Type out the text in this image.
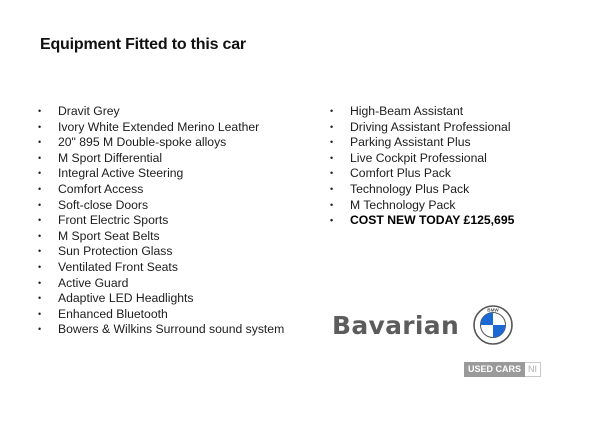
Equipment Fitted to this car
• Dravit Grey
• Ivory White Extended Merino Leather
• 20" 895 M Double-spoke alloys
• M Sport Differential
• Integral Active Steering
• Comfort Access
• Soft-close Doors
• Front Electric Sports
• M Sport Seat Belts
• Sun Protection Glass
• Ventilated Front Seats
• Active Guard
• Adaptive LED Headlights
• Enhanced Bluetooth
• Bowers & Wilkins Surround sound system
• High-Beam Assistant
• Driving Assistant Professional
• Parking Assistant Plus
• Live Cockpit Professional
• Comfort Plus Pack
• Technology Plus Pack
• M Technology Pack
• COST NEW TODAY £125,695
Bavarian
BMW
USED CARS NI
